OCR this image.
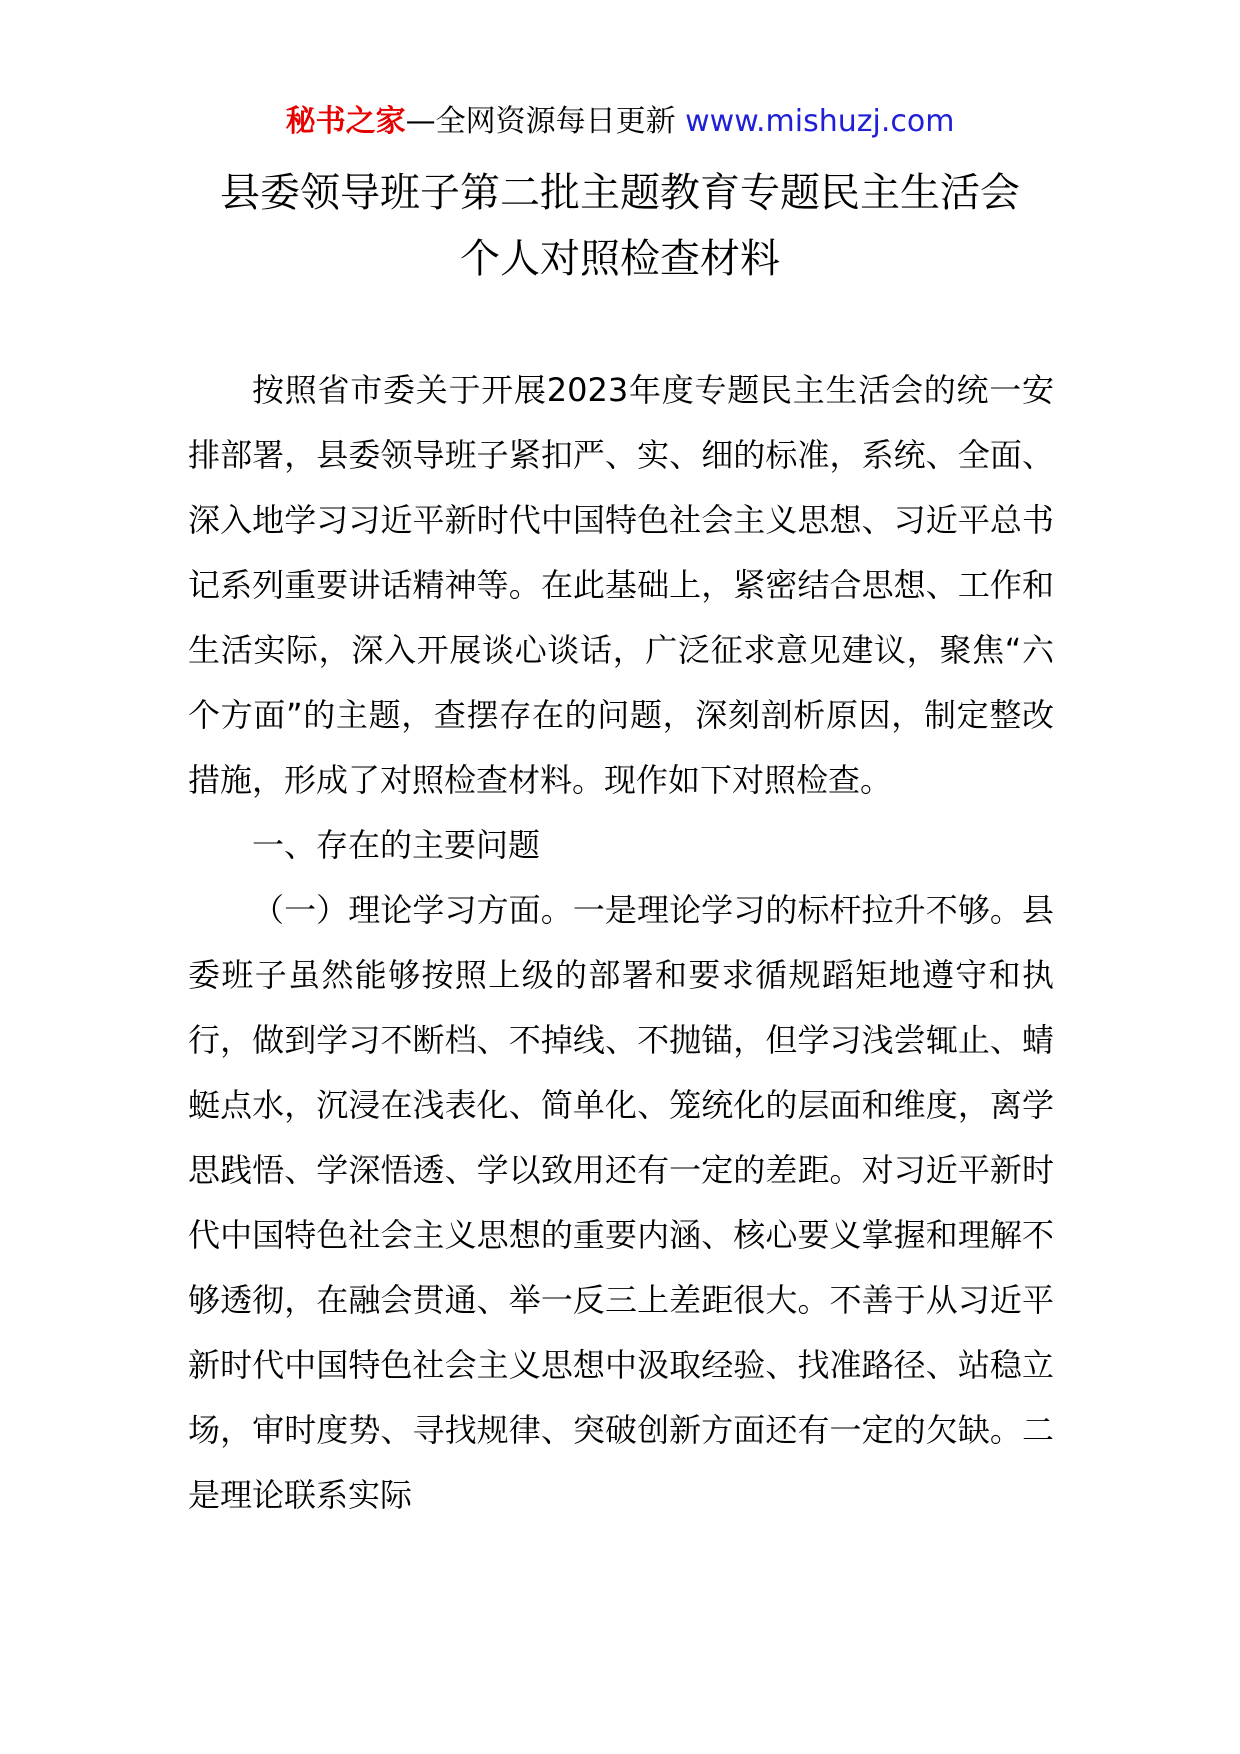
秘书之家—全网资源每日更新 www.mishuzj.com
县委领导班子第二批主题教育专题民主生活会
个人对照检查材料

按照省市委关于开展2023年度专题民主生活会的统一安排部署，县委领导班子紧扣严、实、细的标准，系统、全面、深入地学习习近平新时代中国特色社会主义思想、习近平总书记系列重要讲话精神等。在此基础上，紧密结合思想、工作和生活实际，深入开展谈心谈话，广泛征求意见建议，聚焦“六个方面”的主题，查摆存在的问题，深刻剖析原因，制定整改措施，形成了对照检查材料。现作如下对照检查。

一、存在的主要问题

（一）理论学习方面。一是理论学习的标杆拉升不够。县委班子虽然能够按照上级的部署和要求循规蹈矩地遵守和执行，做到学习不断档、不掉线、不抛锚，但学习浅尝辄止、蜻蜓点水，沉浸在浅表化、简单化、笼统化的层面和维度，离学思践悟、学深悟透、学以致用还有一定的差距。对习近平新时代中国特色社会主义思想的重要内涵、核心要义掌握和理解不够透彻，在融会贯通、举一反三上差距很大。不善于从习近平新时代中国特色社会主义思想中汲取经验、找准路径、站稳立场，审时度势、寻找规律、突破创新方面还有一定的欠缺。二是理论联系实际
